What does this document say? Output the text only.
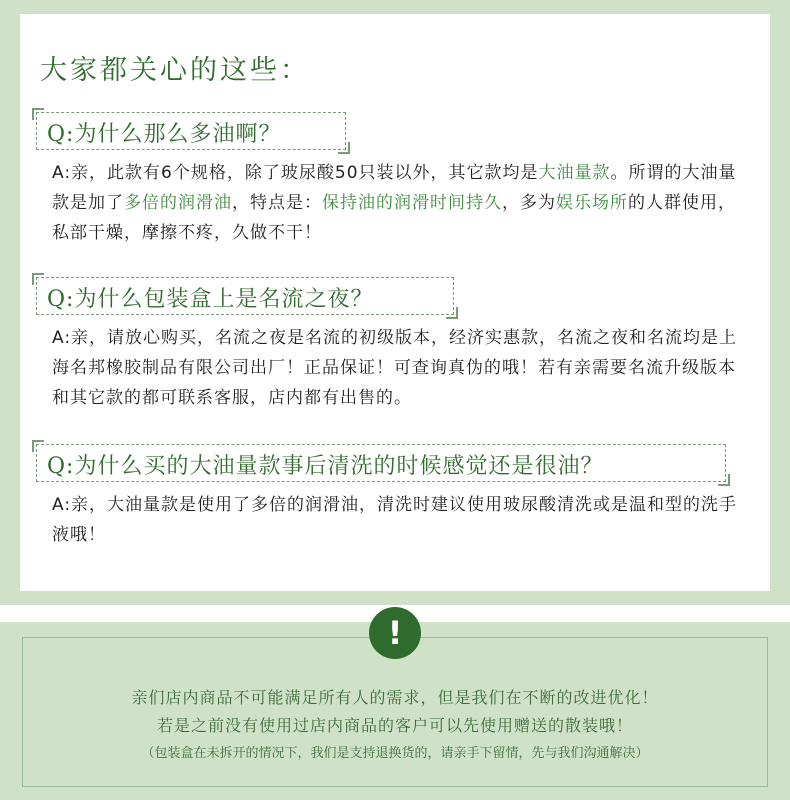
大家都关心的这些：
Q:为什么那么多油啊？
A:亲，此款有6个规格，除了玻尿酸50只装以外，其它款均是大油量款。所谓的大油量款是加了多倍的润滑油，特点是：保持油的润滑时间持久，多为娱乐场所的人群使用，私部干燥，摩擦不疼，久做不干！
Q:为什么包装盒上是名流之夜？
A:亲，请放心购买，名流之夜是名流的初级版本，经济实惠款，名流之夜和名流均是上海名邦橡胶制品有限公司出厂！正品保证！可查询真伪的哦！若有亲需要名流升级版本和其它款的都可联系客服，店内都有出售的。
Q:为什么买的大油量款事后清洗的时候感觉还是很油？
A:亲，大油量款是使用了多倍的润滑油，清洗时建议使用玻尿酸清洗或是温和型的洗手液哦！
!
亲们店内商品不可能满足所有人的需求，但是我们在不断的改进优化！
若是之前没有使用过店内商品的客户可以先使用赠送的散装哦！
（包装盒在未拆开的情况下，我们是支持退换货的，请亲手下留情，先与我们沟通解决）
